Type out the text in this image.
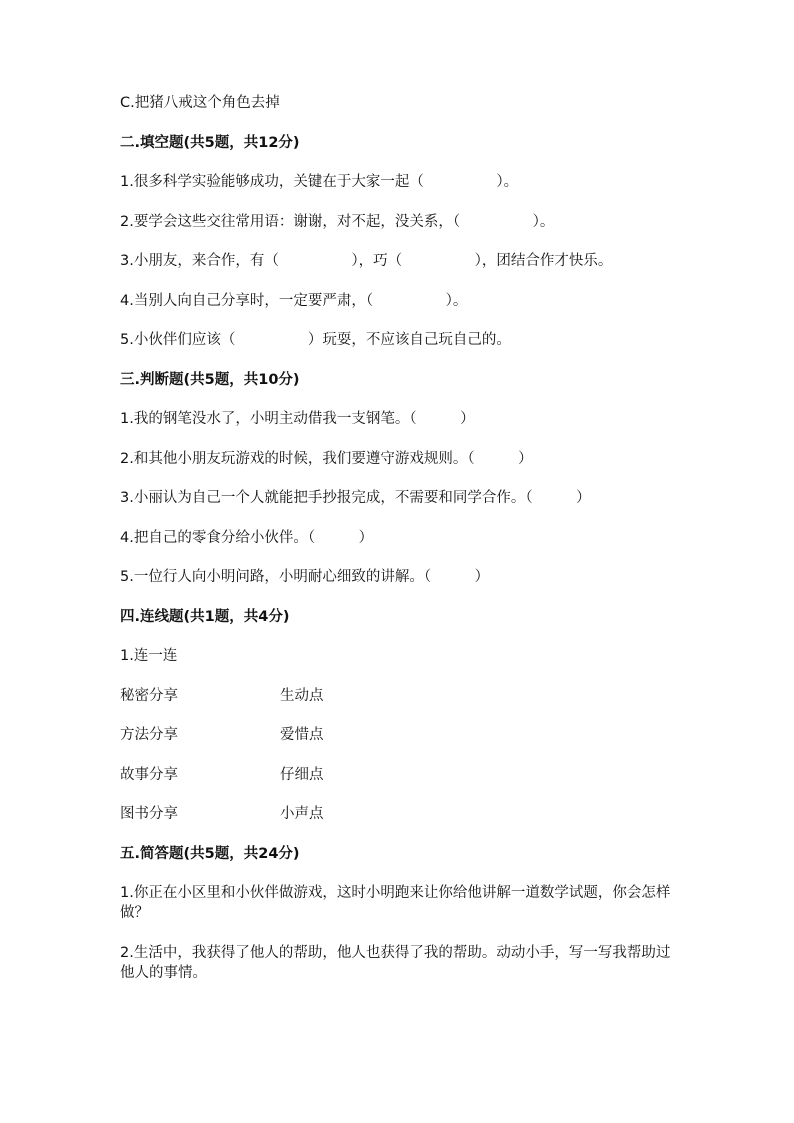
C.把猪八戒这个角色去掉
二.填空题(共5题，共12分)
1.很多科学实验能够成功，关键在于大家一起（　　　　　）。
2.要学会这些交往常用语：谢谢，对不起，没关系，（　　　　　）。
3.小朋友，来合作，有（　　　　　），巧（　　　　　），团结合作才快乐。
4.当别人向自己分享时，一定要严肃，（　　　　　）。
5.小伙伴们应该（　　　　　）玩耍，不应该自己玩自己的。
三.判断题(共5题，共10分)
1.我的钢笔没水了，小明主动借我一支钢笔。（　　　）
2.和其他小朋友玩游戏的时候，我们要遵守游戏规则。（　　　）
3.小丽认为自己一个人就能把手抄报完成，不需要和同学合作。（　　　）
4.把自己的零食分给小伙伴。（　　　）
5.一位行人向小明问路，小明耐心细致的讲解。（　　　）
四.连线题(共1题，共4分)
1.连一连
秘密分享	生动点
方法分享	爱惜点
故事分享	仔细点
图书分享	小声点
五.简答题(共5题，共24分)
1.你正在小区里和小伙伴做游戏，这时小明跑来让你给他讲解一道数学试题，你会怎样做？
2.生活中，我获得了他人的帮助，他人也获得了我的帮助。动动小手，写一写我帮助过他人的事情。
